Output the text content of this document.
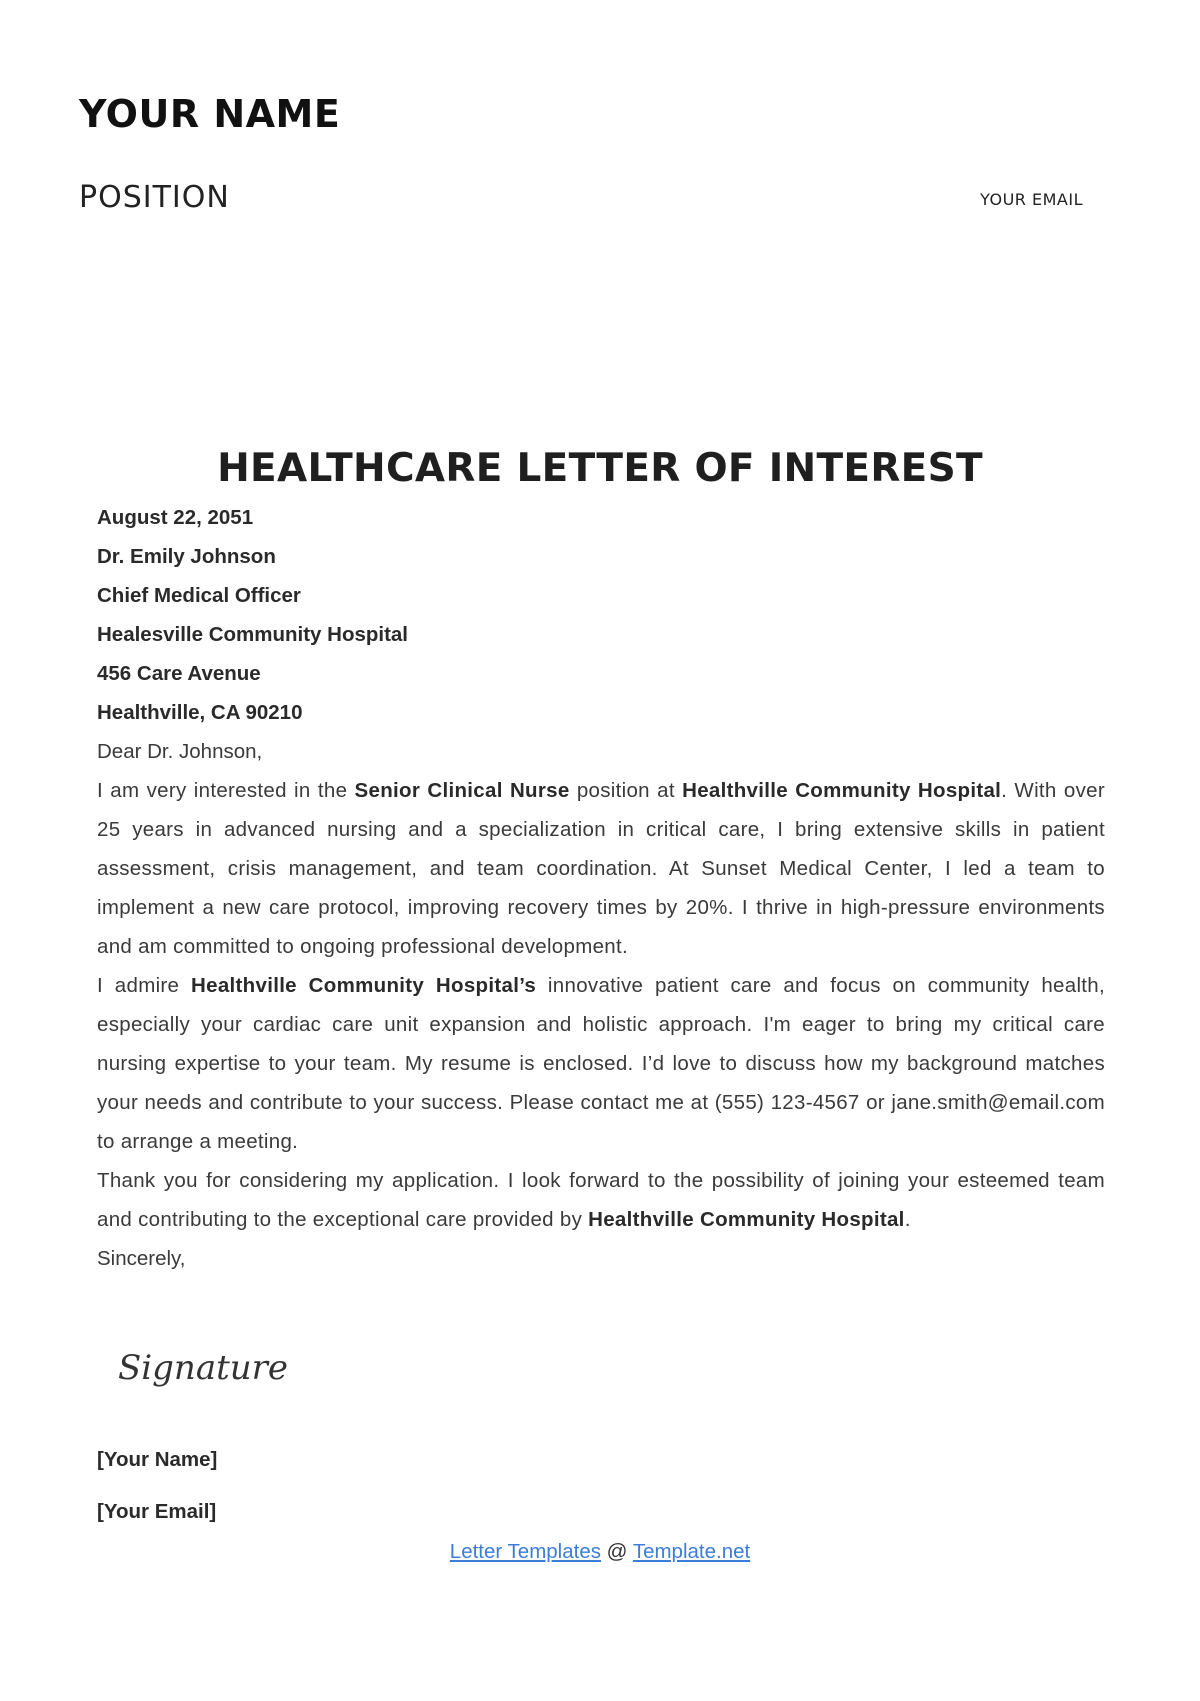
YOUR NAME

POSITION	YOUR EMAIL

HEALTHCARE LETTER OF INTEREST

August 22, 2051

Dr. Emily Johnson

Chief Medical Officer

Healesville Community Hospital

456 Care Avenue

Healthville, CA 90210

Dear Dr. Johnson,

I am very interested in the Senior Clinical Nurse position at Healthville Community Hospital. With over 25 years in advanced nursing and a specialization in critical care, I bring extensive skills in patient assessment, crisis management, and team coordination. At Sunset Medical Center, I led a team to implement a new care protocol, improving recovery times by 20%. I thrive in high-pressure environments and am committed to ongoing professional development.

I admire Healthville Community Hospital’s innovative patient care and focus on community health, especially your cardiac care unit expansion and holistic approach. I'm eager to bring my critical care nursing expertise to your team. My resume is enclosed. I’d love to discuss how my background matches your needs and contribute to your success. Please contact me at (555) 123-4567 or jane.smith@email.com to arrange a meeting.

Thank you for considering my application. I look forward to the possibility of joining your esteemed team and contributing to the exceptional care provided by Healthville Community Hospital.

Sincerely,

Signature

[Your Name]

[Your Email]

Letter Templates @ Template.net
